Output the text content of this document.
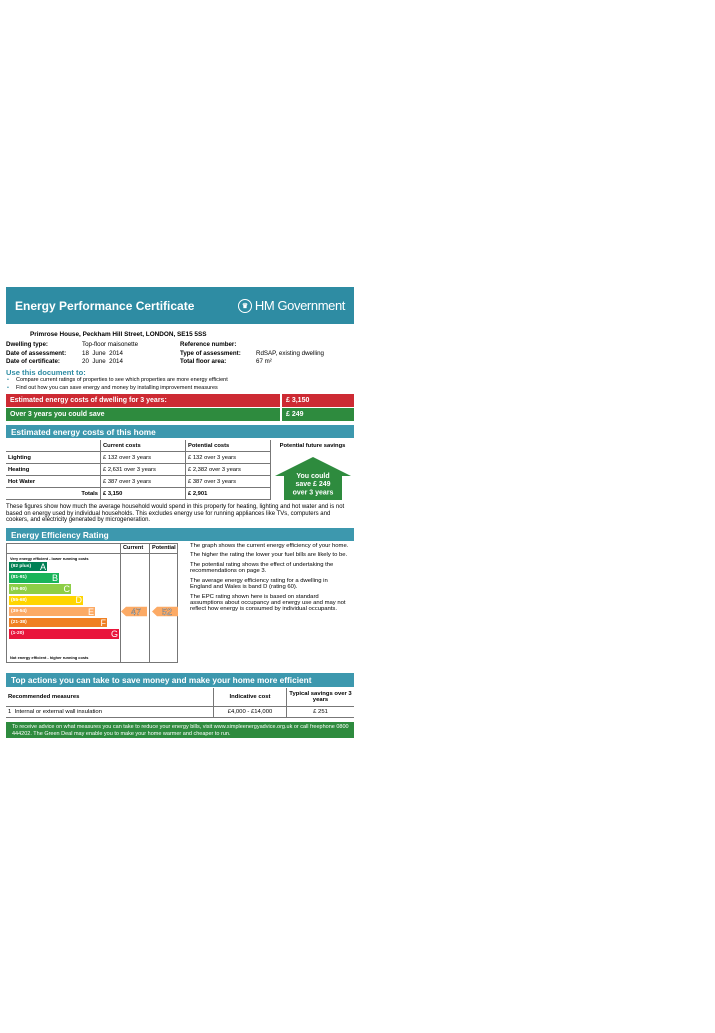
Energy Performance Certificate	♛ HM Government
Primrose House, Peckham Hill Street, LONDON, SE15 5SS
Dwelling type:	Top-floor maisonette
Date of assessment:	18  June  2014
Date of certificate:	20  June  2014
Reference number:
Type of assessment: RdSAP, existing dwelling
Total floor area:	67 m²
Use this document to:
• Compare current ratings of properties to see which properties are more energy efficient
• Find out how you can save energy and money by installing improvement measures
Estimated energy costs of dwelling for 3 years:	£ 3,150
Over 3 years you could save	£ 249
Estimated energy costs of this home
	Current costs	Potential costs	Potential future savings
Lighting	£ 132 over 3 years	£ 132 over 3 years	You could
save £ 249
over 3 years

Heating	£ 2,631 over 3 years	£ 2,382 over 3 years	
Hot Water	£ 387 over 3 years	£ 387 over 3 years	
Totals	£ 3,150	£ 2,901	
These figures show how much the average household would spend in this property for heating, lighting and hot water and is not based on energy used by individual households. This excludes energy use for running appliances like TVs, computers and cookers, and electricity generated by microgeneration.
Energy Efficiency Rating
Current Potential
Very energy efficient - lower running costs
Not energy efficient - higher running costs
(92 plus) A
(81-91)	B
(69-80)	C
(55-68)	D
(39-54)	E
(21-38)	F
(1-20)	G
47 52

The graph shows the current energy efficiency of your home.

The higher the rating the lower your fuel bills are likely to be.

The potential rating shows the effect of undertaking the recommendations on page 3.

The average energy efficiency rating for a dwelling in England and Wales is band D (rating 60).

The EPC rating shown here is based on standard assumptions about occupancy and energy use and may not reflect how energy is consumed by individual occupants.

Top actions you can take to save money and make your home more efficient
Recommended measures	Indicative cost	Typical savings over 3 years
1 Internal or external wall insulation	£4,000 - £14,000	£ 251
To receive advice on what measures you can take to reduce your energy bills, visit www.simpleenergyadvice.org.uk or call freephone 0800 444202. The Green Deal may enable you to make your home warmer and cheaper to run.
